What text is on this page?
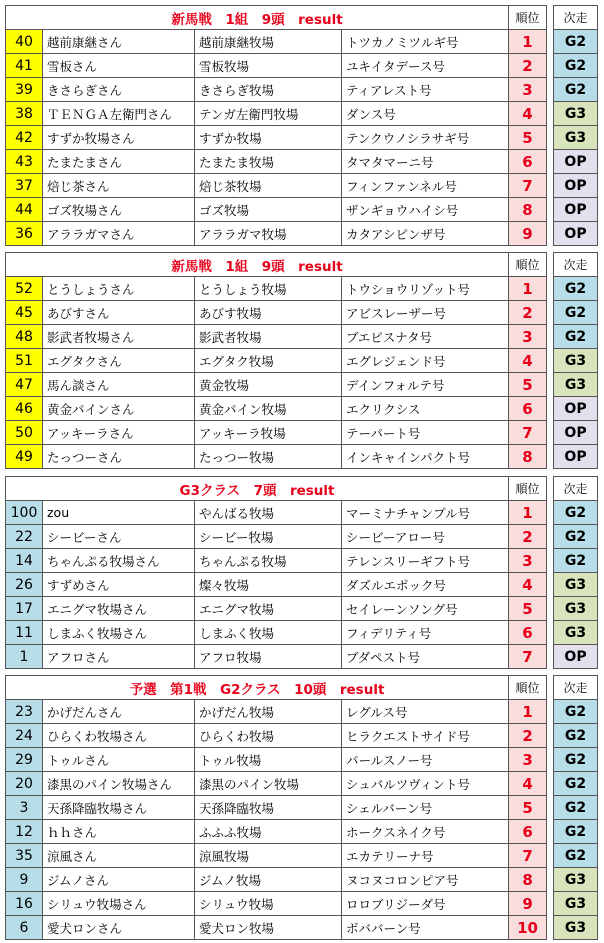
新馬戦　1組　9頭　result				順位		次走
40	越前康継さん	越前康継牧場	トツカノミツルギ号	1		G2
41	雪板さん	雪板牧場	ユキイタデース号	2		G2
39	きさらぎさん	きさらぎ牧場	ティアレスト号	3		G2
38	ＴＥＮＧＡ左衛門さん	テンガ左衛門牧場	ダンス号	4		G3
42	すずか牧場さん	すずか牧場	テンクウノシラサギ号	5		G3
43	たまたまさん	たまたま牧場	タマタマーニ号	6		OP
37	焙じ茶さん	焙じ茶牧場	フィンファンネル号	7		OP
44	ゴズ牧場さん	ゴズ牧場	ザンギョウハイシ号	8		OP
36	アララガマさん	アララガマ牧場	カタアシピンザ号	9		OP
新馬戦　1組　9頭　result				順位		次走
52	とうしょうさん	とうしょう牧場	トウショウリゾット号	1		G2
45	あびすさん	あびす牧場	アビスレーザー号	2		G2
48	影武者牧場さん	影武者牧場	ブエピスナタ号	3		G2
51	エグタクさん	エグタク牧場	エグレジェンド号	4		G3
47	馬ん談さん	黄金牧場	デインフォルテ号	5		G3
46	黄金パインさん	黄金パイン牧場	エクリクシス	6		OP
50	アッキーラさん	アッキーラ牧場	テーパート号	7		OP
49	たっつーさん	たっつー牧場	インキャインパクト号	8		OP
G3クラス　7頭　result				順位		次走
100	zou	やんばる牧場	マーミナチャンプル号	1		G2
22	シービーさん	シービー牧場	シービーアロー号	2		G2
14	ちゃんぷる牧場さん	ちゃんぷる牧場	テレンスリーギフト号	3		G2
26	すずめさん	燦々牧場	ダズルエポック号	4		G3
17	エニグマ牧場さん	エニグマ牧場	セイレーンソング号	5		G3
11	しまふく牧場さん	しまふく牧場	フィデリティ号	6		G3
1	アフロさん	アフロ牧場	ブダペスト号	7		OP
予選　第1戦　G2クラス　10頭　result				順位		次走
23	かげだんさん	かげだん牧場	レグルス号	1		G2
24	ひらくわ牧場さん	ひらくわ牧場	ヒラクエストサイド号	2		G2
29	トゥルさん	トゥル牧場	パールスノー号	3		G2
20	漆黒のパイン牧場さん	漆黒のパイン牧場	シュバルツヴィント号	4		G2
3	天孫降臨牧場さん	天孫降臨牧場	シェルバーン号	5		G2
12	ｈｈさん	ふふふ牧場	ホークスネイク号	6		G2
35	涼風さん	涼風牧場	エカテリーナ号	7		G2
9	ジムノさん	ジムノ牧場	ヌコヌコロンピア号	8		G3
16	シリュウ牧場さん	シリュウ牧場	ロロブリジーダ号	9		G3
6	愛犬ロンさん	愛犬ロン牧場	ボババーン号	10		G3
